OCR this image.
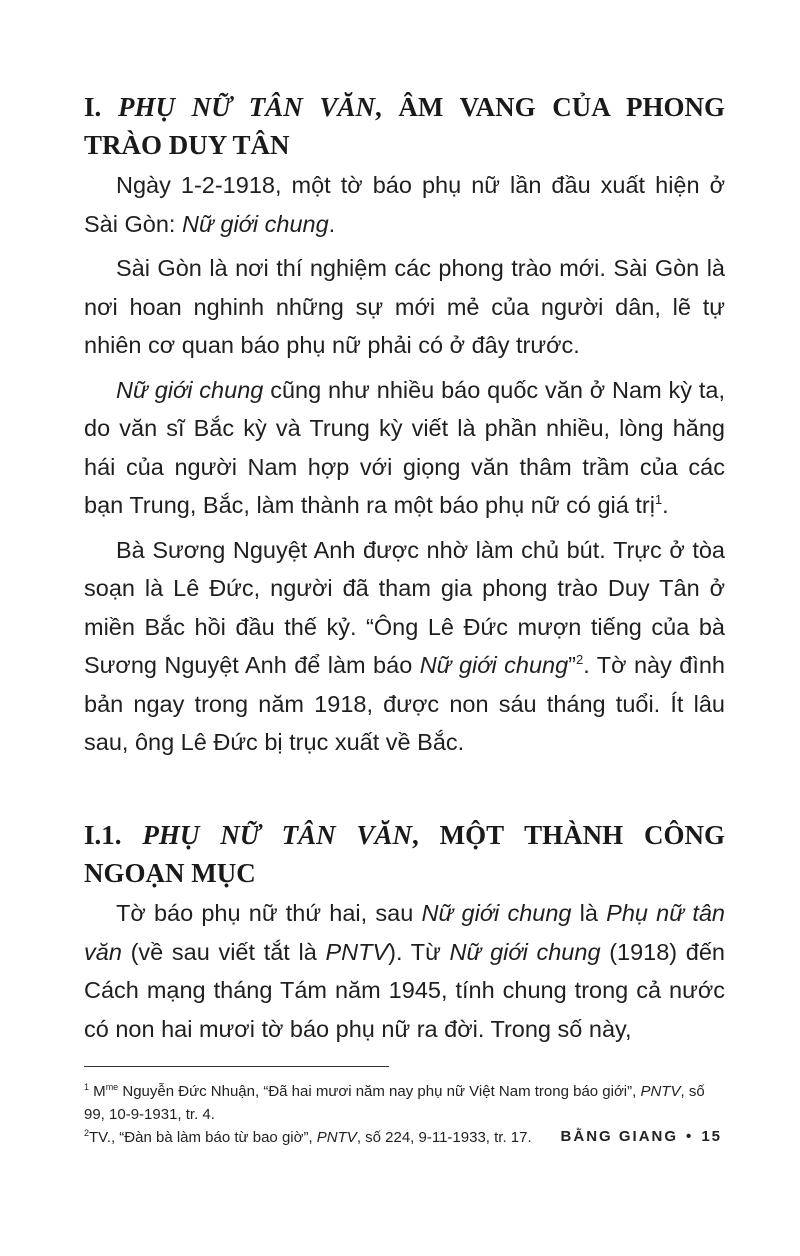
I. PHỤ NỮ TÂN VĂN, ÂM VANG CỦA PHONG TRÀO DUY TÂN

Ngày 1-2-1918, một tờ báo phụ nữ lần đầu xuất hiện ở Sài Gòn: Nữ giới chung.

Sài Gòn là nơi thí nghiệm các phong trào mới. Sài Gòn là nơi hoan nghinh những sự mới mẻ của người dân, lẽ tự nhiên cơ quan báo phụ nữ phải có ở đây trước.

Nữ giới chung cũng như nhiều báo quốc văn ở Nam kỳ ta, do văn sĩ Bắc kỳ và Trung kỳ viết là phần nhiều, lòng hăng hái của người Nam hợp với giọng văn thâm trầm của các bạn Trung, Bắc, làm thành ra một báo phụ nữ có giá trị$^1$.

Bà Sương Nguyệt Anh được nhờ làm chủ bút. Trực ở tòa soạn là Lê Đức, người đã tham gia phong trào Duy Tân ở miền Bắc hồi đầu thế kỷ. “Ông Lê Đức mượn tiếng của bà Sương Nguyệt Anh để làm báo Nữ giới chung”$^2$. Tờ này đình bản ngay trong năm 1918, được non sáu tháng tuổi. Ít lâu sau, ông Lê Đức bị trục xuất về Bắc.

I.1. PHỤ NỮ TÂN VĂN, MỘT THÀNH CÔNG NGOẠN MỤC

Tờ báo phụ nữ thứ hai, sau Nữ giới chung là Phụ nữ tân văn (về sau viết tắt là PNTV). Từ Nữ giới chung (1918) đến Cách mạng tháng Tám năm 1945, tính chung trong cả nước có non hai mươi tờ báo phụ nữ ra đời. Trong số này,

$^1$ $M^{me}$ Nguyễn Đức Nhuận, “Đã hai mươi năm nay phụ nữ Việt Nam trong báo giới”, PNTV, số 99, 10-9-1931, tr. 4.

$^2$TV., “Đàn bà làm báo từ bao giờ”, PNTV, số 224, 9-11-1933, tr. 17.	BẰNG GIANG • 15
